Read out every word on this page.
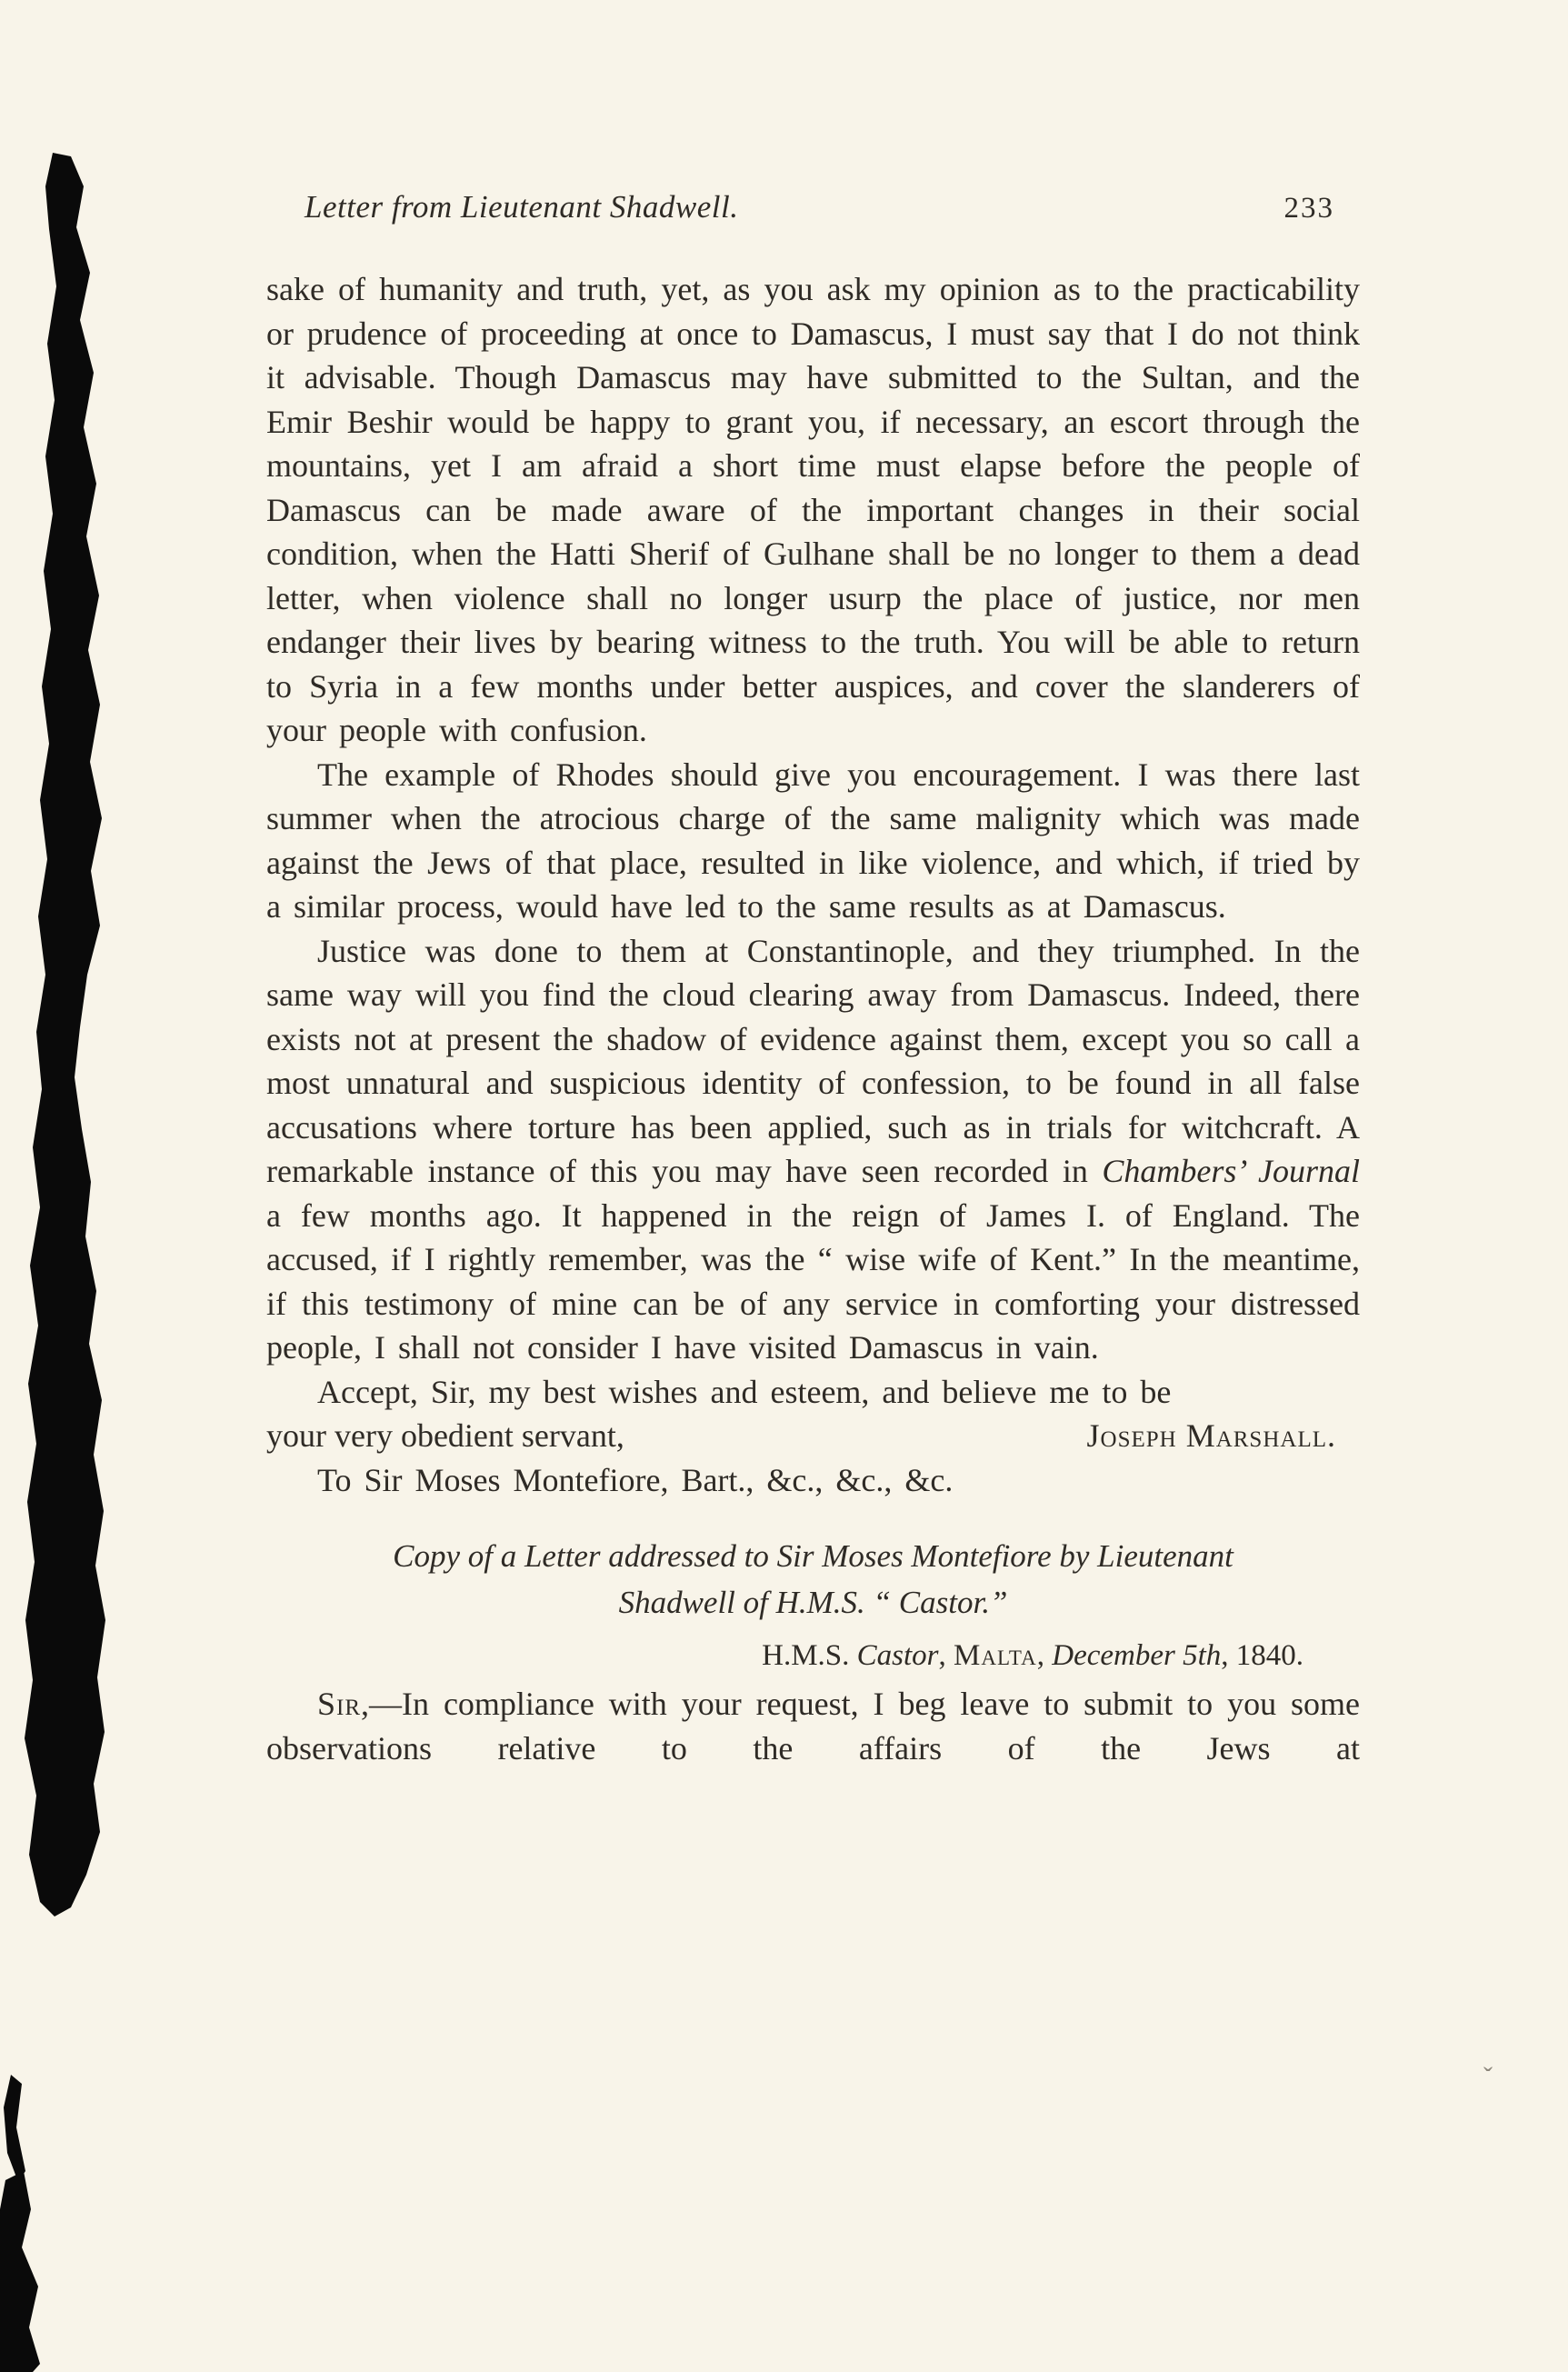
Letter from Lieutenant Shadwell.	233

sake of humanity and truth, yet, as you ask my opinion as to the practicability or prudence of proceeding at once to Damascus, I must say that I do not think it advisable. Though Damascus may have submitted to the Sultan, and the Emir Beshir would be happy to grant you, if necessary, an escort through the mountains, yet I am afraid a short time must elapse before the people of Damascus can be made aware of the important changes in their social condition, when the Hatti Sherif of Gulhane shall be no longer to them a dead letter, when violence shall no longer usurp the place of justice, nor men endanger their lives by bearing witness to the truth. You will be able to return to Syria in a few months under better auspices, and cover the slanderers of your people with confusion.

The example of Rhodes should give you encouragement. I was there last summer when the atrocious charge of the same malignity which was made against the Jews of that place, resulted in like violence, and which, if tried by a similar process, would have led to the same results as at Damascus.

Justice was done to them at Constantinople, and they triumphed. In the same way will you find the cloud clearing away from Damascus. Indeed, there exists not at present the shadow of evidence against them, except you so call a most unnatural and suspicious identity of confession, to be found in all false accusations where torture has been applied, such as in trials for witchcraft. A remarkable instance of this you may have seen recorded in Chambers’ Journal a few months ago. It happened in the reign of James I. of England. The accused, if I rightly remember, was the “ wise wife of Kent.” In the meantime, if this testimony of mine can be of any service in comforting your distressed people, I shall not consider I have visited Damascus in vain.

Accept, Sir, my best wishes and esteem, and believe me to be

your very obedient servant,	Joseph Marshall.

To Sir Moses Montefiore, Bart., &c., &c., &c.

Copy of a Letter addressed to Sir Moses Montefiore by Lieutenant
Shadwell of H.M.S. “ Castor.”
H.M.S. Castor, Malta, December 5th, 1840.

Sir,—In compliance with your request, I beg leave to submit to you some observations relative to the affairs of the Jews at

ˇ
